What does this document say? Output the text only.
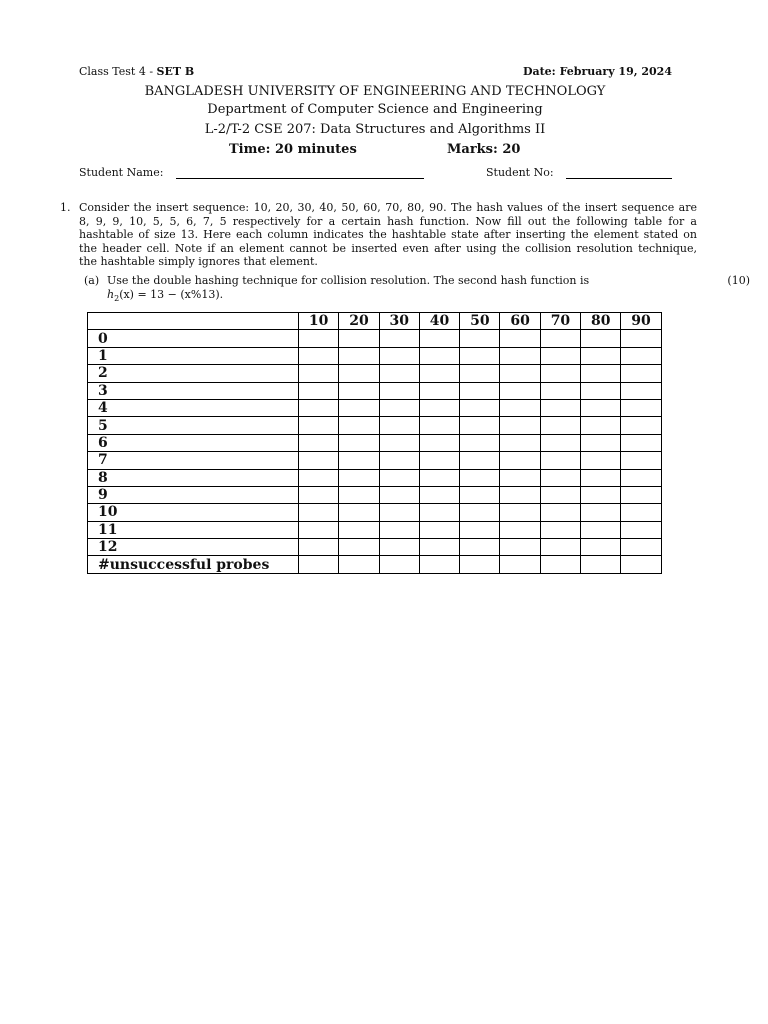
Class Test 4 - SET B	Date: February 19, 2024
BANGLADESH UNIVERSITY OF ENGINEERING AND TECHNOLOGY
Department of Computer Science and Engineering
L-2/T-2 CSE 207: Data Structures and Algorithms II
Time: 20 minutes	Marks: 20
Student Name:	Student No:
1. Consider the insert sequence: 10, 20, 30, 40, 50, 60, 70, 80, 90. The hash values of the insert sequence are

8, 9, 9, 10, 5, 5, 6, 7, 5 respectively for a certain hash function. Now fill out the following table for a

hashtable of size 13. Here each column indicates the hashtable state after inserting the element stated on

the header cell. Note if an element cannot be inserted even after using the collision resolution technique,

the hashtable simply ignores that element.

(a) Use the double hashing technique for collision resolution. The second hash function is
$h_2(x) = 13 - (x\%13)$.
(10)
	10	20	30	40	50	60	70	80	90
0									
1									
2									
3									
4									
5									
6									
7									
8									
9									
10									
11									
12									
#unsuccessful probes									
